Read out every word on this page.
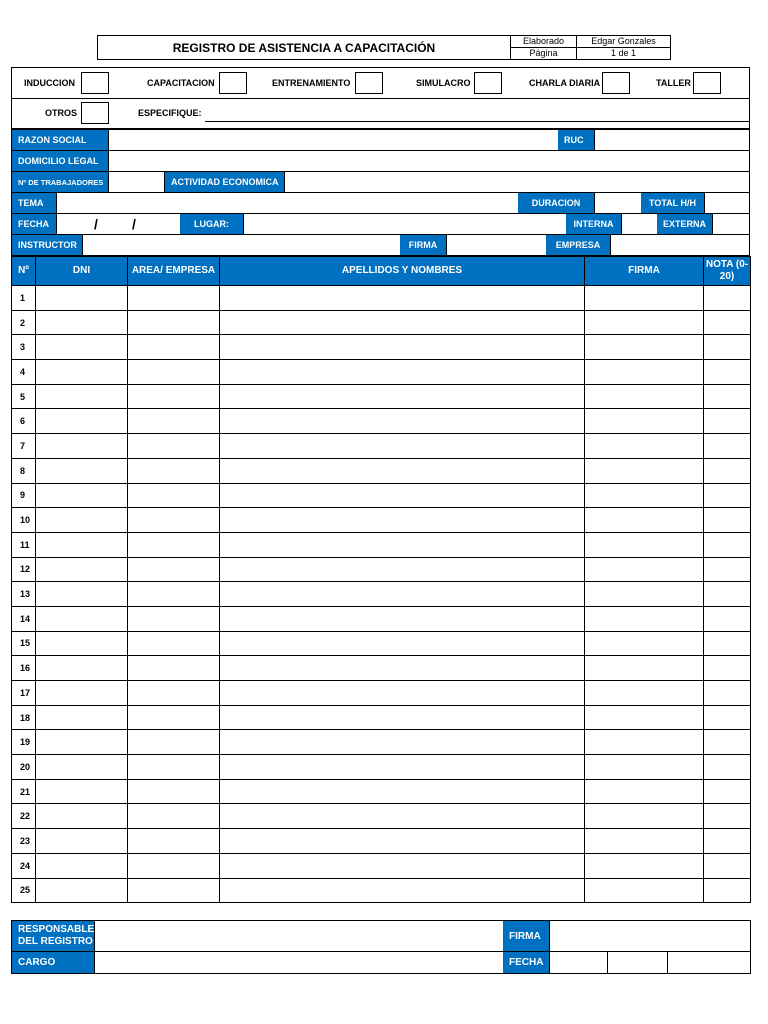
REGISTRO DE ASISTENCIA A CAPACITACIÓN	Elaborado	Edgar Gonzales
Página	1 de 1
INDUCCION	CAPACITACION	ENTRENAMIENTO	SIMULACRO	CHARLA DIARIA	TALLER
OTROS	ESPECIFIQUE:
RAZON SOCIAL	RUC
DOMICILIO LEGAL
Nº DE TRABAJADORES	ACTIVIDAD ECONOMICA
TEMA	DURACION	TOTAL H/H
FECHA	/ /	LUGAR:	INTERNA	EXTERNA
INSTRUCTOR	FIRMA	EMPRESA
Nº	DNI	AREA/ EMPRESA	APELLIDOS Y NOMBRES	FIRMA	NOTA (0-20)
1					
2					
3					
4					
5					
6					
7					
8					
9					
10					
11					
12					
13					
14					
15					
16					
17					
18					
19					
20					
21					
22					
23					
24					
25					
RESPONSABLE DEL REGISTRO	FIRMA
CARGO	FECHA
